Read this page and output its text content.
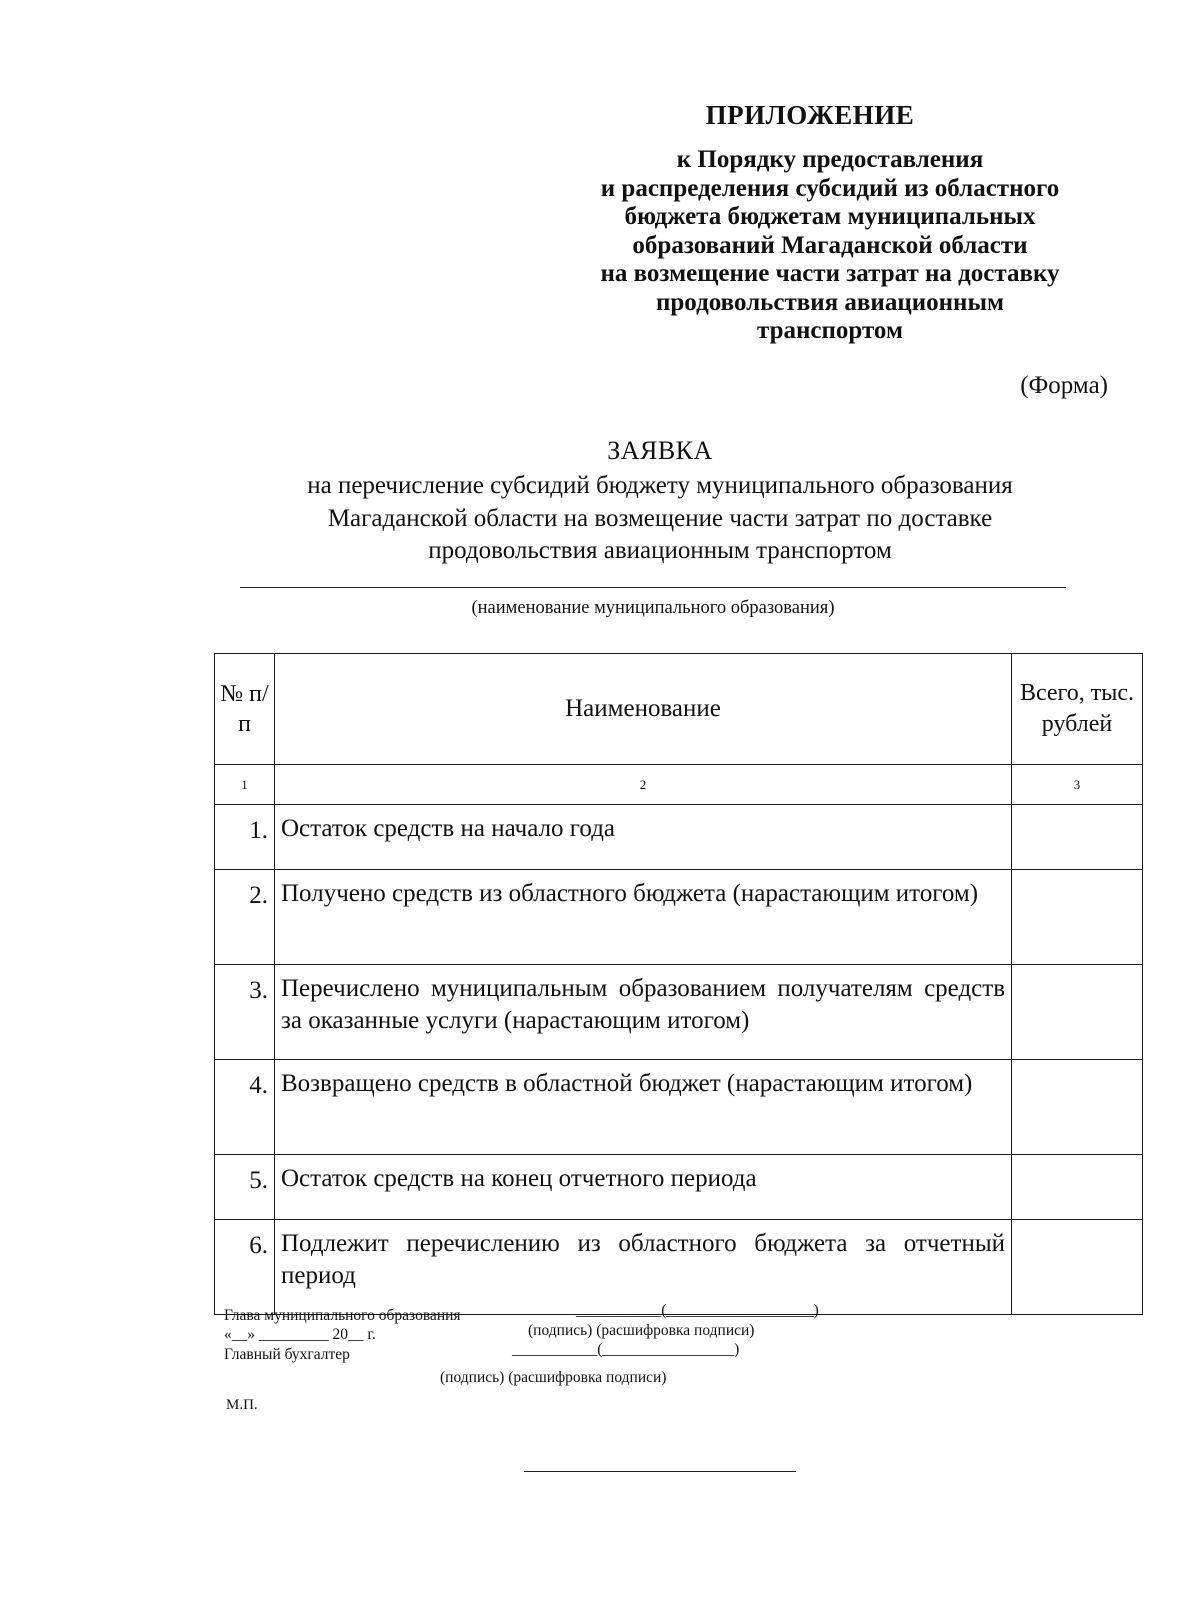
ПРИЛОЖЕНИЕ
к Порядку предоставления
и распределения субсидий из областного
бюджета бюджетам муниципальных
образований Магаданской области
на возмещение части затрат на доставку
продовольствия авиационным
транспортом
(Форма)
ЗАЯВКА
на перечисление субсидий бюджету муниципального образования
Магаданской области на возмещение части затрат по доставке
продовольствия авиационным транспортом
(наименование муниципального образования)
№ п/п	Наименование	Всего, тыс. рублей
1	2	3
1.	Остаток средств на начало года	
2.	Получено средств из областного бюджета (нарастающим итогом)	
3.	Перечислено муниципальным образованием получателям средств за оказанные услуги (нарастающим итогом)	
4.	Возвращено средств в областной бюджет (нарастающим итогом)	
5.	Остаток средств на конец отчетного периода	
6.	Подлежит перечислению из областного бюджета за отчетный период	
Глава муниципального образования	___________(___________________)
«__» _________ 20__ г.	(подпись) (расшифровка подписи)
Главный бухгалтер	___________(_________________)
(подпись) (расшифровка подписи)
М.П.
